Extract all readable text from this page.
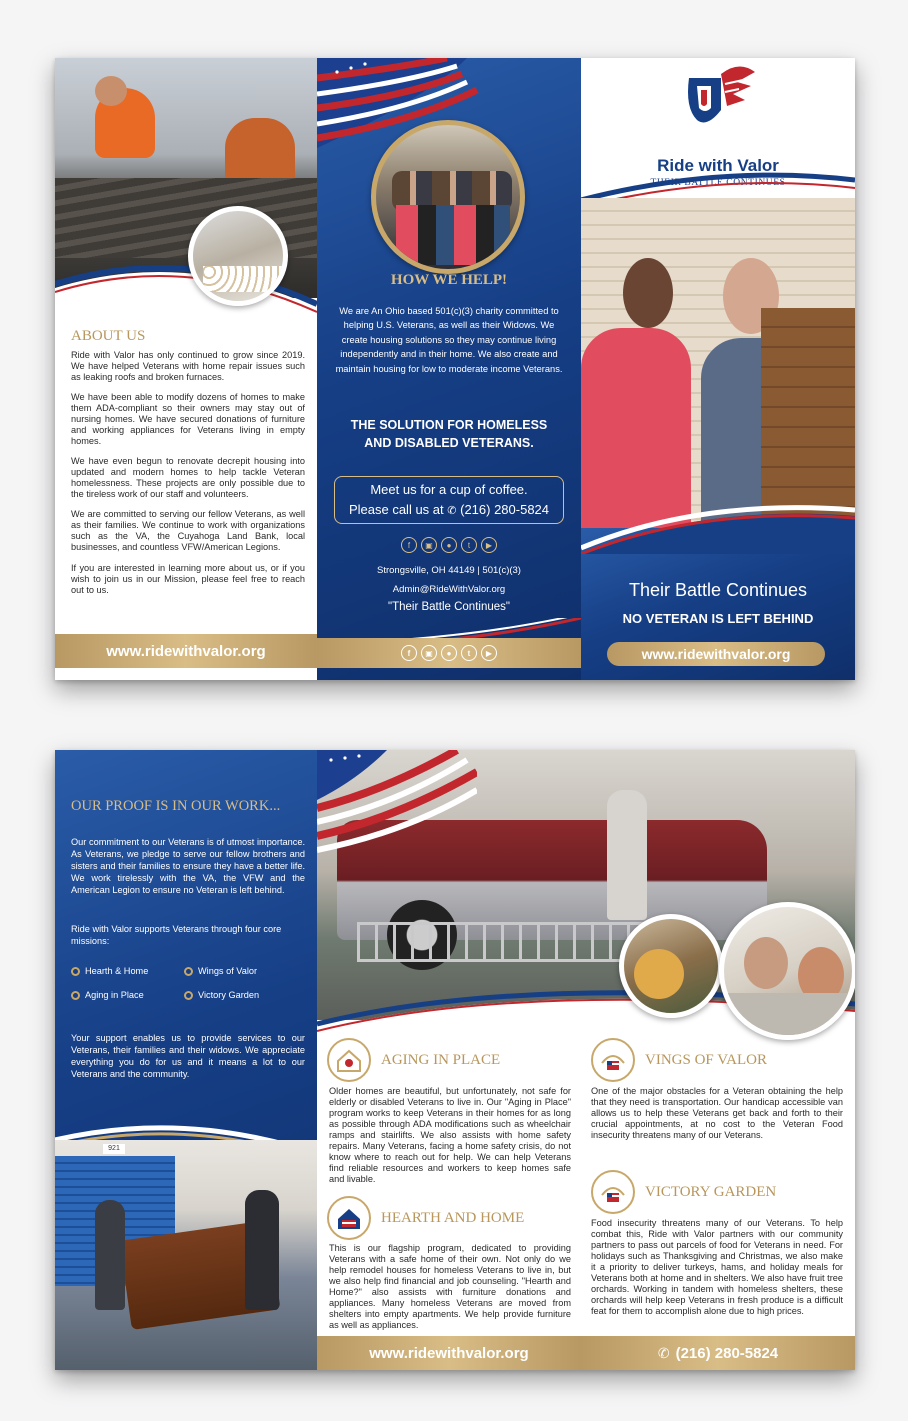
ABOUT US

Ride with Valor has only continued to grow since 2019. We have helped Veterans with home repair issues such as leaking roofs and broken furnaces.

We have been able to modify dozens of homes to make them ADA-compliant so their owners may stay out of nursing homes. We have secured donations of furniture and working appliances for Veterans living in empty homes.

We have even begun to renovate decrepit housing into updated and modern homes to help tackle Veteran homelessness. These projects are only possible due to the tireless work of our staff and volunteers.

We are committed to serving our fellow Veterans, as well as their families. We continue to work with organizations such as the VA, the Cuyahoga Land Bank, local businesses, and countless VFW/American Legions.

If you are interested in learning more about us, or if you wish to join us in our Mission, please feel free to reach out to us.

www.ridewithvalor.org
HOW WE HELP!

We are An Ohio based 501(c)(3) charity committed to helping U.S. Veterans, as well as their Widows. We create housing solutions so they may continue living independently and in their home. We also create and maintain housing for low to moderate income Veterans.

THE SOLUTION FOR HOMELESS AND DISABLED VETERANS.

Meet us for a cup of coffee.
Please call us at ✆ (216) 280-5824
f	▣	●	t	▶
Strongsville, OH 44149 | 501(c)(3)
Admin@RideWithValor.org
"Their Battle Continues"
f	▣	●	t	▶
Ride with Valor
THEIR BATTLE CONTINUES
Their Battle Continues
NO VETERAN IS LEFT BEHIND
www.ridewithvalor.org
OUR PROOF IS IN OUR WORK...

Our commitment to our Veterans is of utmost importance. As Veterans, we pledge to serve our fellow brothers and sisters and their families to ensure they have a better life. We work tirelessly with the VA, the VFW and the American Legion to ensure no Veteran is left behind.

Ride with Valor supports Veterans through four core missions:

Hearth & Home	Wings of Valor
Aging in Place	Victory Garden

Your support enables us to provide services to our Veterans, their families and their widows. We appreciate everything you do for us and it means a lot to our Veterans and the community.

921
AGING IN PLACE

Older homes are beautiful, but unfortunately, not safe for elderly or disabled Veterans to live in. Our "Aging in Place" program works to keep Veterans in their homes for as long as possible through ADA modifications such as wheelchair ramps and stairlifts. We also assists with home safety repairs. Many Veterans, facing a home safety crisis, do not know where to reach out for help. We can help Veterans find reliable resources and workers to keep homes safe and livable.

HEARTH AND HOME

This is our flagship program, dedicated to providing Veterans with a safe home of their own. Not only do we help remodel houses for homeless Veterans to live in, but we also help find financial and job counseling. "Hearth and Home?" also assists with furniture donations and appliances. Many homeless Veterans are moved from shelters into empty apartments. We help provide furniture as well as appliances.

www.ridewithvalor.org
VINGS OF VALOR

One of the major obstacles for a Veteran obtaining the help that they need is transportation. Our handicap accessible van allows us to help these Veterans get back and forth to their crucial appointments, at no cost to the Veteran Food insecurity threatens many of our Veterans.

VICTORY GARDEN

Food insecurity threatens many of our Veterans. To help combat this, Ride with Valor partners with our community partners to pass out parcels of food for Veterans in need. For holidays such as Thanksgiving and Christmas, we also make it a priority to deliver turkeys, hams, and holiday meals for Veterans both at home and in shelters. We also have fruit tree orchards. Working in tandem with homeless shelters, these orchards will help keep Veterans in fresh produce is a difficult feat for them to accomplish alone due to high prices.

✆ (216) 280-5824
